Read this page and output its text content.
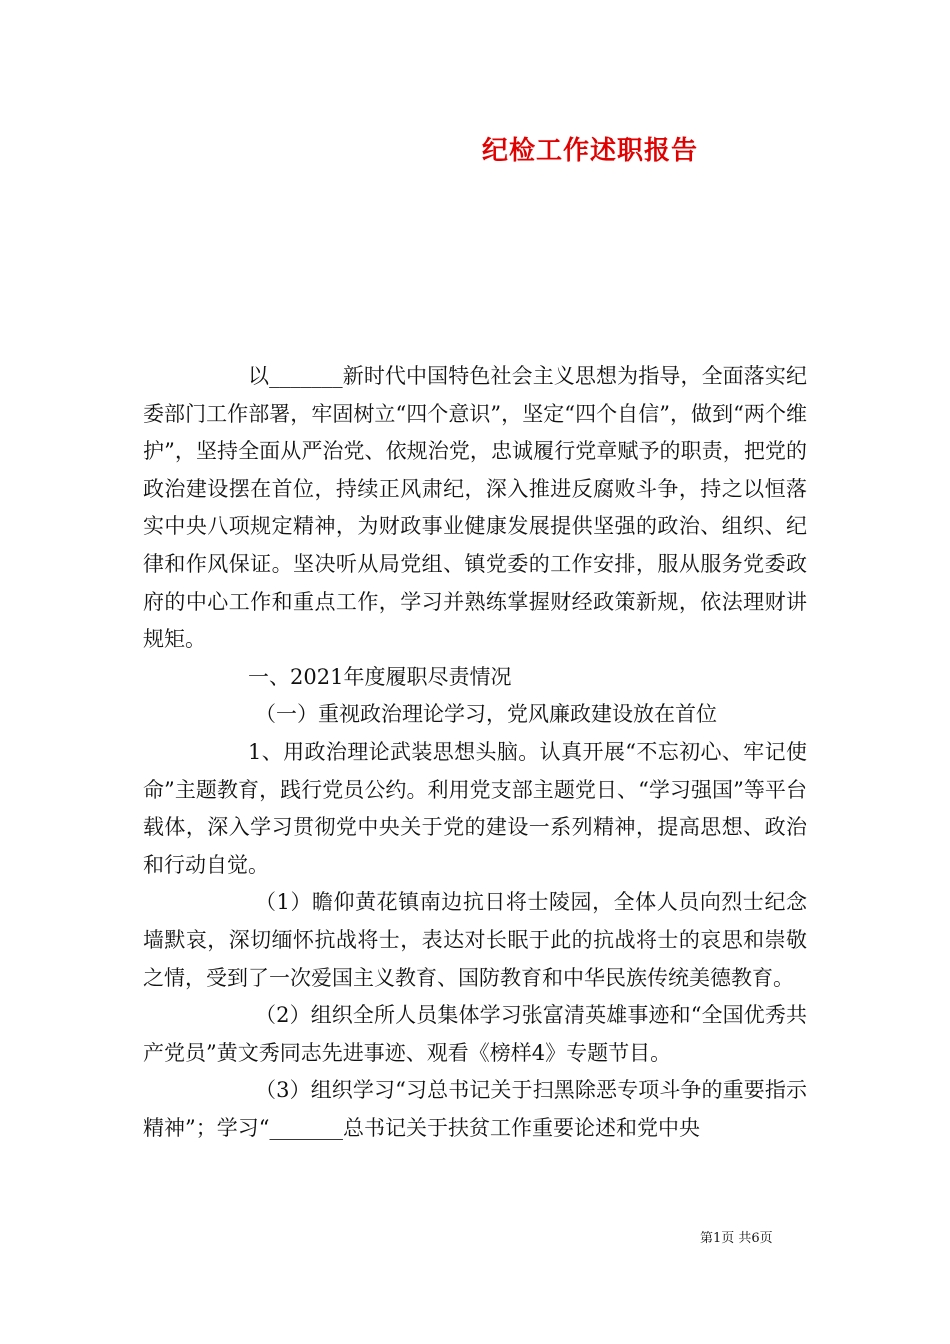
纪检工作述职报告

以_______新时代中国特色社会主义思想为指导，全面落实纪委部门工作部署，牢固树立“四个意识”，坚定“四个自信”，做到“两个维护”，坚持全面从严治党、依规治党，忠诚履行党章赋予的职责，把党的政治建设摆在首位，持续正风肃纪，深入推进反腐败斗争，持之以恒落实中央八项规定精神，为财政事业健康发展提供坚强的政治、组织、纪律和作风保证。坚决听从局党组、镇党委的工作安排，服从服务党委政府的中心工作和重点工作，学习并熟练掌握财经政策新规，依法理财讲规矩。

一、2021年度履职尽责情况

（一）重视政治理论学习，党风廉政建设放在首位

1、用政治理论武装思想头脑。认真开展“不忘初心、牢记使命”主题教育，践行党员公约。利用党支部主题党日、“学习强国”等平台载体，深入学习贯彻党中央关于党的建设一系列精神，提高思想、政治和行动自觉。

（1）瞻仰黄花镇南边抗日将士陵园，全体人员向烈士纪念墙默哀，深切缅怀抗战将士，表达对长眠于此的抗战将士的哀思和崇敬之情，受到了一次爱国主义教育、国防教育和中华民族传统美德教育。

（2）组织全所人员集体学习张富清英雄事迹和“全国优秀共产党员”黄文秀同志先进事迹、观看《榜样4》专题节目。

（3）组织学习“习总书记关于扫黑除恶专项斗争的重要指示精神”；学习“_______总书记关于扶贫工作重要论述和党中央

第1页 共6页
